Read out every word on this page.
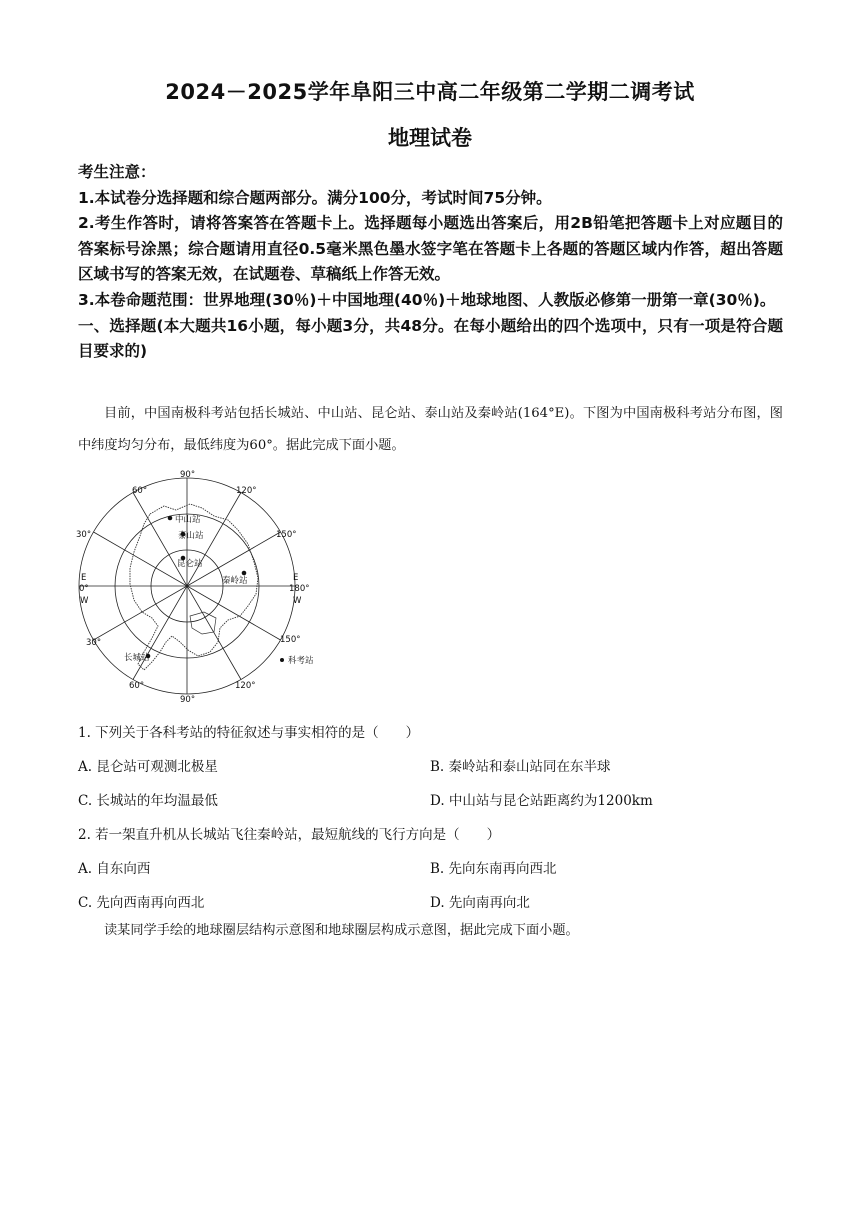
2024－2025学年阜阳三中高二年级第二学期二调考试
地理试卷

考生注意：

1.本试卷分选择题和综合题两部分。满分100分，考试时间75分钟。

2.考生作答时，请将答案答在答题卡上。选择题每小题选出答案后，用2B铅笔把答题卡上对应题目的答案标号涂黑；综合题请用直径0.5毫米黑色墨水签字笔在答题卡上各题的答题区域内作答，超出答题区域书写的答案无效，在试题卷、草稿纸上作答无效。

3.本卷命题范围：世界地理(30％)＋中国地理(40％)＋地球地图、人教版必修第一册第一章(30％)。

一、选择题(本大题共16小题，每小题3分，共48分。在每小题给出的四个选项中，只有一项是符合题目要求的)

目前，中国南极科考站包括长城站、中山站、昆仑站、泰山站及秦岭站(164°E)。下图为中国南极科考站分布图，图中纬度均匀分布，最低纬度为60°。据此完成下面小题。

90°
90°
60°	120°
30°	150°
E
0°
W
E
180°
W
30°	150°
60°	120°
中山站
泰山站
昆仑站
秦岭站
长城站	科考站

1. 下列关于各科考站的特征叙述与事实相符的是（　　）

A. 昆仑站可观测北极星	B. 秦岭站和泰山站同在东半球

C. 长城站的年均温最低	D. 中山站与昆仑站距离约为1200km

2. 若一架直升机从长城站飞往秦岭站，最短航线的飞行方向是（　　）

A. 自东向西	B. 先向东南再向西北

C. 先向西南再向西北	D. 先向南再向北

读某同学手绘的地球圈层结构示意图和地球圈层构成示意图，据此完成下面小题。
